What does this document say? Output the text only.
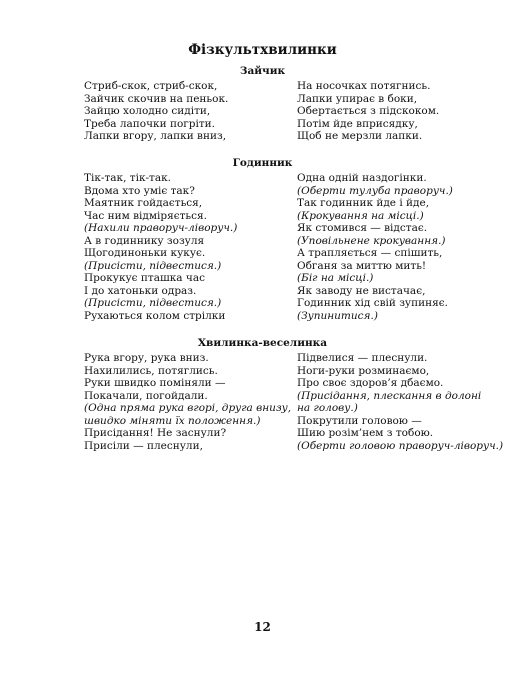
Фізкультхвилинки
Зайчик
Стриб-скок, стриб-скок,
Зайчик скочив на пеньок.
Зайцю холодно сидіти,
Треба лапочки погріти.
Лапки вгору, лапки вниз,
На носочках потягнись.
Лапки упирає в боки,
Обертається з підскоком.
Потім йде вприсядку,
Щоб не мерзли лапки.
Годинник
Тік-так, тік-так.
Вдома хто уміє так?
Маятник гойдається,
Час ним відміряється.
(Нахили праворуч-ліворуч.)
А в годиннику зозуля
Щогодиноньки кукує.
(Присісти, підвестися.)
Прокукує пташка час
І до хатоньки одраз.
(Присісти, підвестися.)
Рухаються колом стрілки
Одна одній наздогінки.
(Оберти тулуба праворуч.)
Так годинник йде і йде,
(Крокування на місці.)
Як стомився — відстає.
(Уповільнене крокування.)
А трапляється — спішить,
Обганя за миттю мить!
(Біг на місці.)
Як заводу не вистачає,
Годинник хід свій зупиняє.
(Зупинитися.)
Хвилинка-веселинка
Рука вгору, рука вниз.
Нахилились, потяглись.
Руки швидко поміняли —
Покачали, погойдали.
(Одна пряма рука вгорі, друга внизу,
швидко міняти їх положення.)
Присідання! Не заснули?
Присіли — плеснули,
Підвелися — плеснули.
Ноги-руки розминаємо,
Про своє здоров’я дбаємо.
(Присідання, плескання в долоні
на голову.)
Покрутили головою —
Шию розім’нем з тобою.
(Оберти головою праворуч-ліворуч.)
12
